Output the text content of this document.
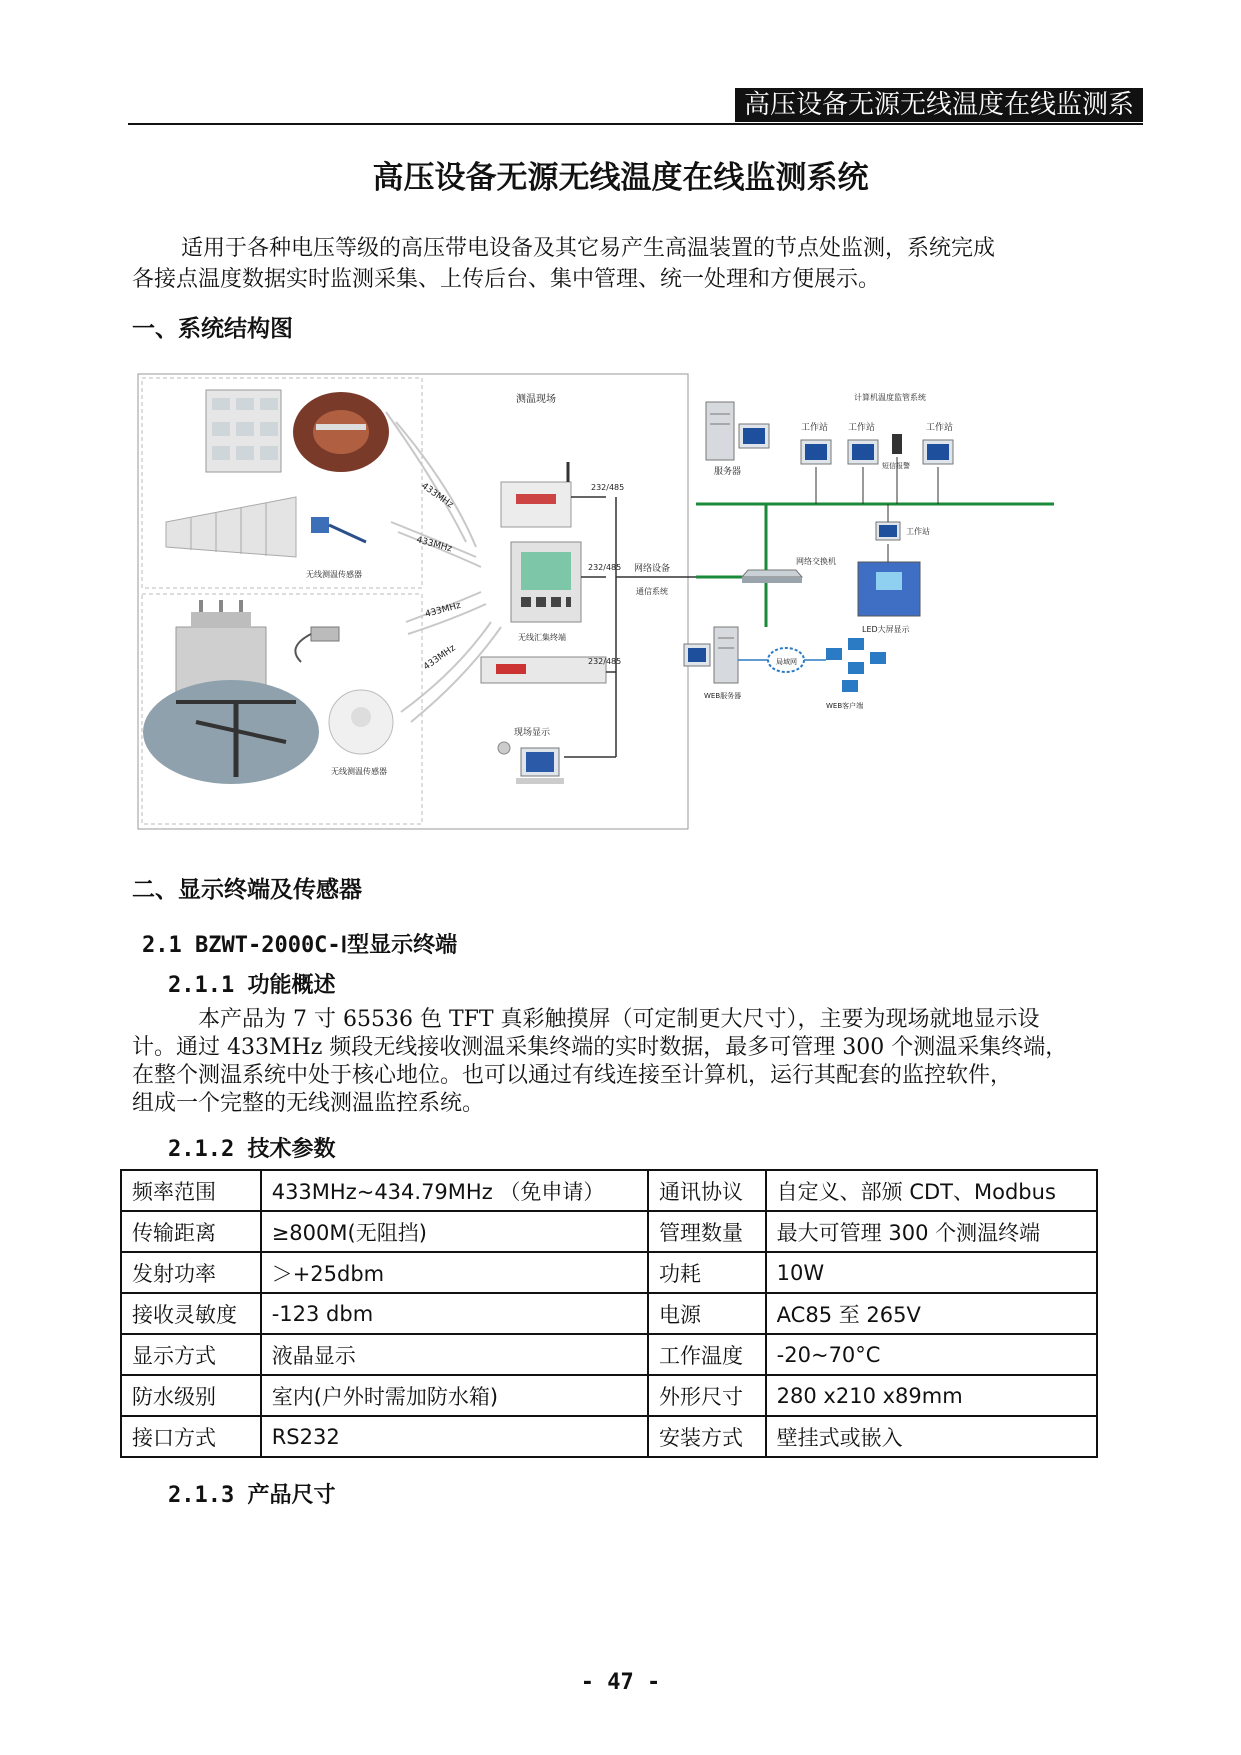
高压设备无源无线温度在线监测系统
高压设备无源无线温度在线监测系统
适用于各种电压等级的高压带电设备及其它易产生高温装置的节点处监测，系统完成
各接点温度数据实时监测采集、上传后台、集中管理、统一处理和方便展示。
一、系统结构图
测温现场
无线测温传感器
无线测温传感器
433MHz
433MHz
433MHz
433MHz
无线汇集终端
现场显示
232/485
232/485
232/485
网络设备
通信系统
网络交换机
计算机温度监管系统
服务器
工作站 工作站
短信报警
工作站
工作站
LED大屏显示
WEB服务器
局域网
WEB客户端
二、显示终端及传感器
2.1 BZWT-2000C-Ⅰ型显示终端
2.1.1 功能概述
本产品为 7 寸 65536 色 TFT 真彩触摸屏（可定制更大尺寸），主要为现场就地显示设
计。通过 433MHz 频段无线接收测温采集终端的实时数据，最多可管理 300 个测温采集终端，
在整个测温系统中处于核心地位。也可以通过有线连接至计算机，运行其配套的监控软件，
组成一个完整的无线测温监控系统。
2.1.2 技术参数
频率范围	433MHz~434.79MHz （免申请）	通讯协议	自定义、部颁 CDT、Modbus
传输距离	≥800M(无阻挡)	管理数量	最大可管理 300 个测温终端
发射功率	＞+25dbm	功耗	10W
接收灵敏度	-123 dbm	电源	AC85 至 265V
显示方式	液晶显示	工作温度	-20~70°C
防水级别	室内(户外时需加防水箱)	外形尺寸	280 x210 x89mm
接口方式	RS232	安装方式	壁挂式或嵌入
2.1.3 产品尺寸
- 47 -
